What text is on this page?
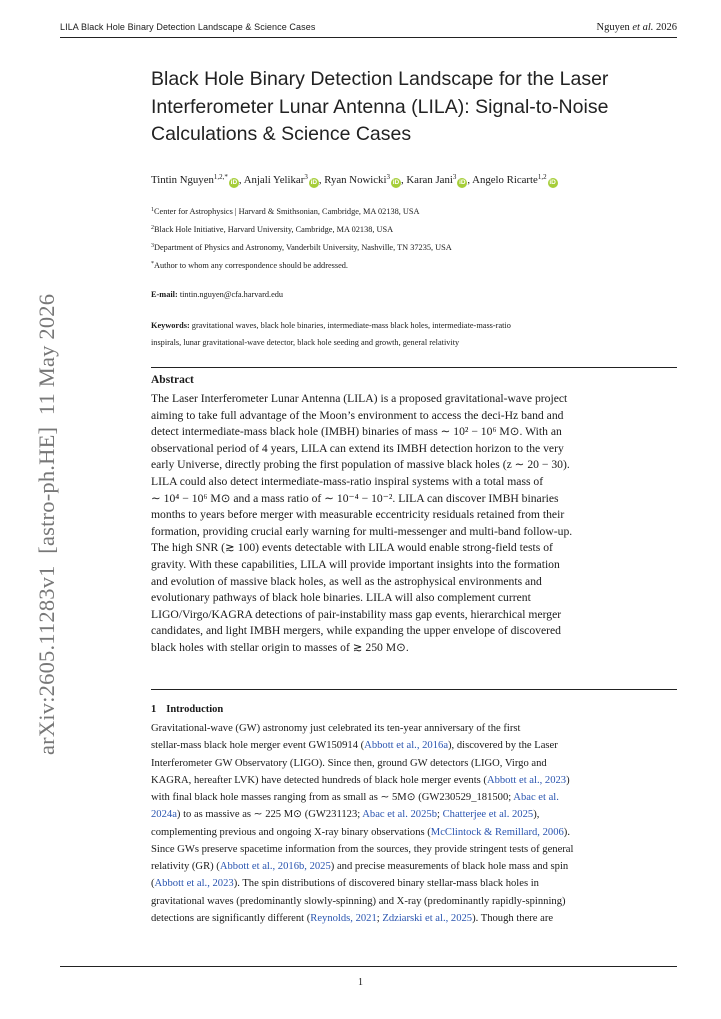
LILA Black Hole Binary Detection Landscape & Science Cases	Nguyen et al. 2026
arXiv:2605.11283v1  [astro-ph.HE]  11 May 2026
Black Hole Binary Detection Landscape for the Laser
Interferometer Lunar Antenna (LILA): Signal-to-Noise
Calculations & Science Cases
Tintin Nguyen$^{1,2,*}$iD , Anjali Yelikar$^3$iD , Ryan Nowicki$^3$iD , Karan Jani$^3$iD , Angelo Ricarte$^{1,2}$iD
$^1$Center for Astrophysics | Harvard & Smithsonian, Cambridge, MA 02138, USA
$^2$Black Hole Initiative, Harvard University, Cambridge, MA 02138, USA
$^3$Department of Physics and Astronomy, Vanderbilt University, Nashville, TN 37235, USA
*Author to whom any correspondence should be addressed.
E-mail: tintin.nguyen@cfa.harvard.edu
Keywords: gravitational waves, black hole binaries, intermediate-mass black holes, intermediate-mass-ratio
inspirals, lunar gravitational-wave detector, black hole seeding and growth, general relativity
Abstract
The Laser Interferometer Lunar Antenna (LILA) is a proposed gravitational-wave project
aiming to take full advantage of the Moon’s environment to access the deci-Hz band and
detect intermediate-mass black hole (IMBH) binaries of mass ∼ 10² − 10⁶ M⊙. With an
observational period of 4 years, LILA can extend its IMBH detection horizon to the very
early Universe, directly probing the first population of massive black holes (z ∼ 20 − 30).
LILA could also detect intermediate-mass-ratio inspiral systems with a total mass of
∼ 10⁴ − 10⁶ M⊙ and a mass ratio of ∼ 10⁻⁴ − 10⁻². LILA can discover IMBH binaries
months to years before merger with measurable eccentricity residuals retained from their
formation, providing crucial early warning for multi-messenger and multi-band follow-up.
The high SNR (≳ 100) events detectable with LILA would enable strong-field tests of
gravity. With these capabilities, LILA will provide important insights into the formation
and evolution of massive black holes, as well as the astrophysical environments and
evolutionary pathways of black hole binaries. LILA will also complement current
LIGO/Virgo/KAGRA detections of pair-instability mass gap events, hierarchical merger
candidates, and light IMBH mergers, while expanding the upper envelope of discovered
black holes with stellar origin to masses of ≳ 250 M⊙.
1 Introduction
Gravitational-wave (GW) astronomy just celebrated its ten-year anniversary of the first
stellar-mass black hole merger event GW150914 (Abbott et al., 2016a), discovered by the Laser
Interferometer GW Observatory (LIGO). Since then, ground GW detectors (LIGO, Virgo and
KAGRA, hereafter LVK) have detected hundreds of black hole merger events (Abbott et al., 2023)
with final black hole masses ranging from as small as ∼ 5M⊙ (GW230529_181500; Abac et al.
2024a) to as massive as ∼ 225 M⊙ (GW231123; Abac et al. 2025b; Chatterjee et al. 2025),
complementing previous and ongoing X-ray binary observations (McClintock & Remillard, 2006).
Since GWs preserve spacetime information from the sources, they provide stringent tests of general
relativity (GR) (Abbott et al., 2016b, 2025) and precise measurements of black hole mass and spin
(Abbott et al., 2023). The spin distributions of discovered binary stellar-mass black holes in
gravitational waves (predominantly slowly-spinning) and X-ray (predominantly rapidly-spinning)
detections are significantly different (Reynolds, 2021; Zdziarski et al., 2025). Though there are
1
